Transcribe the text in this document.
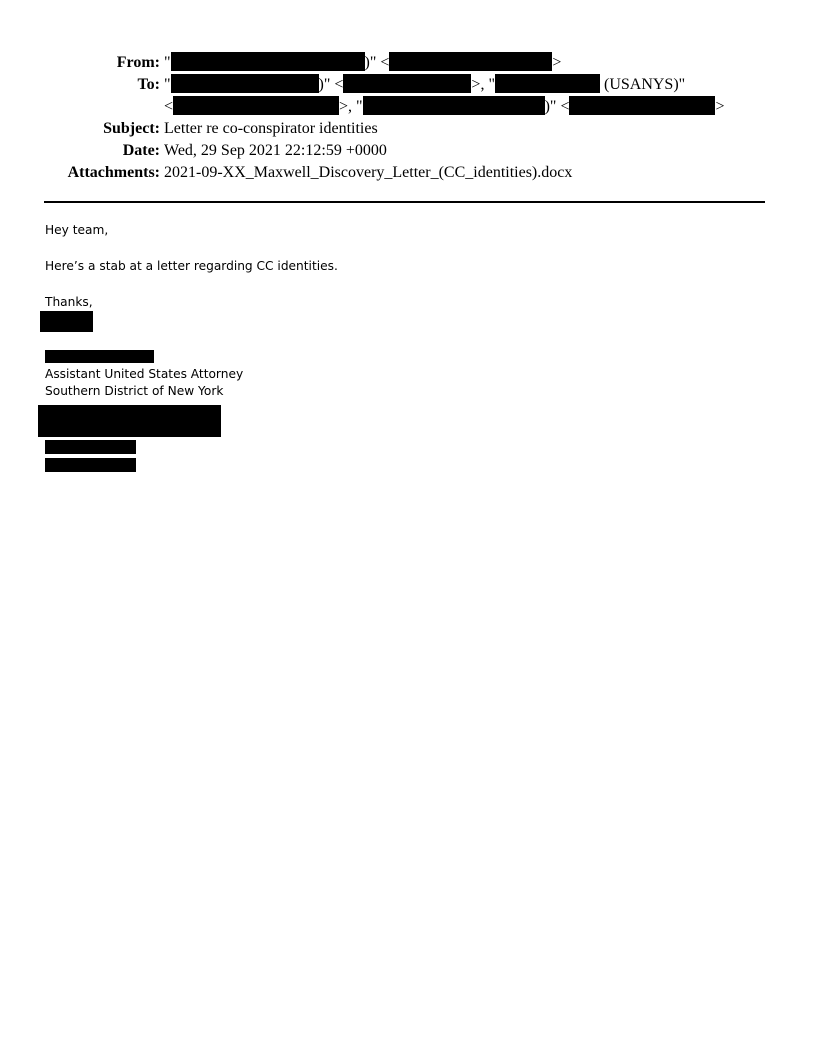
From: "	)" <	>
To: "	)" <	>, "	(USANYS)"
<	>, "	)" <	>
Subject: Letter re co-conspirator identities
Date: Wed, 29 Sep 2021 22:12:59 +0000
Attachments: 2021-09-XX_Maxwell_Discovery_Letter_(CC_identities).docx

Hey team,

Here’s a stab at a letter regarding CC identities.

Thanks,

Assistant United States Attorney

Southern District of New York
